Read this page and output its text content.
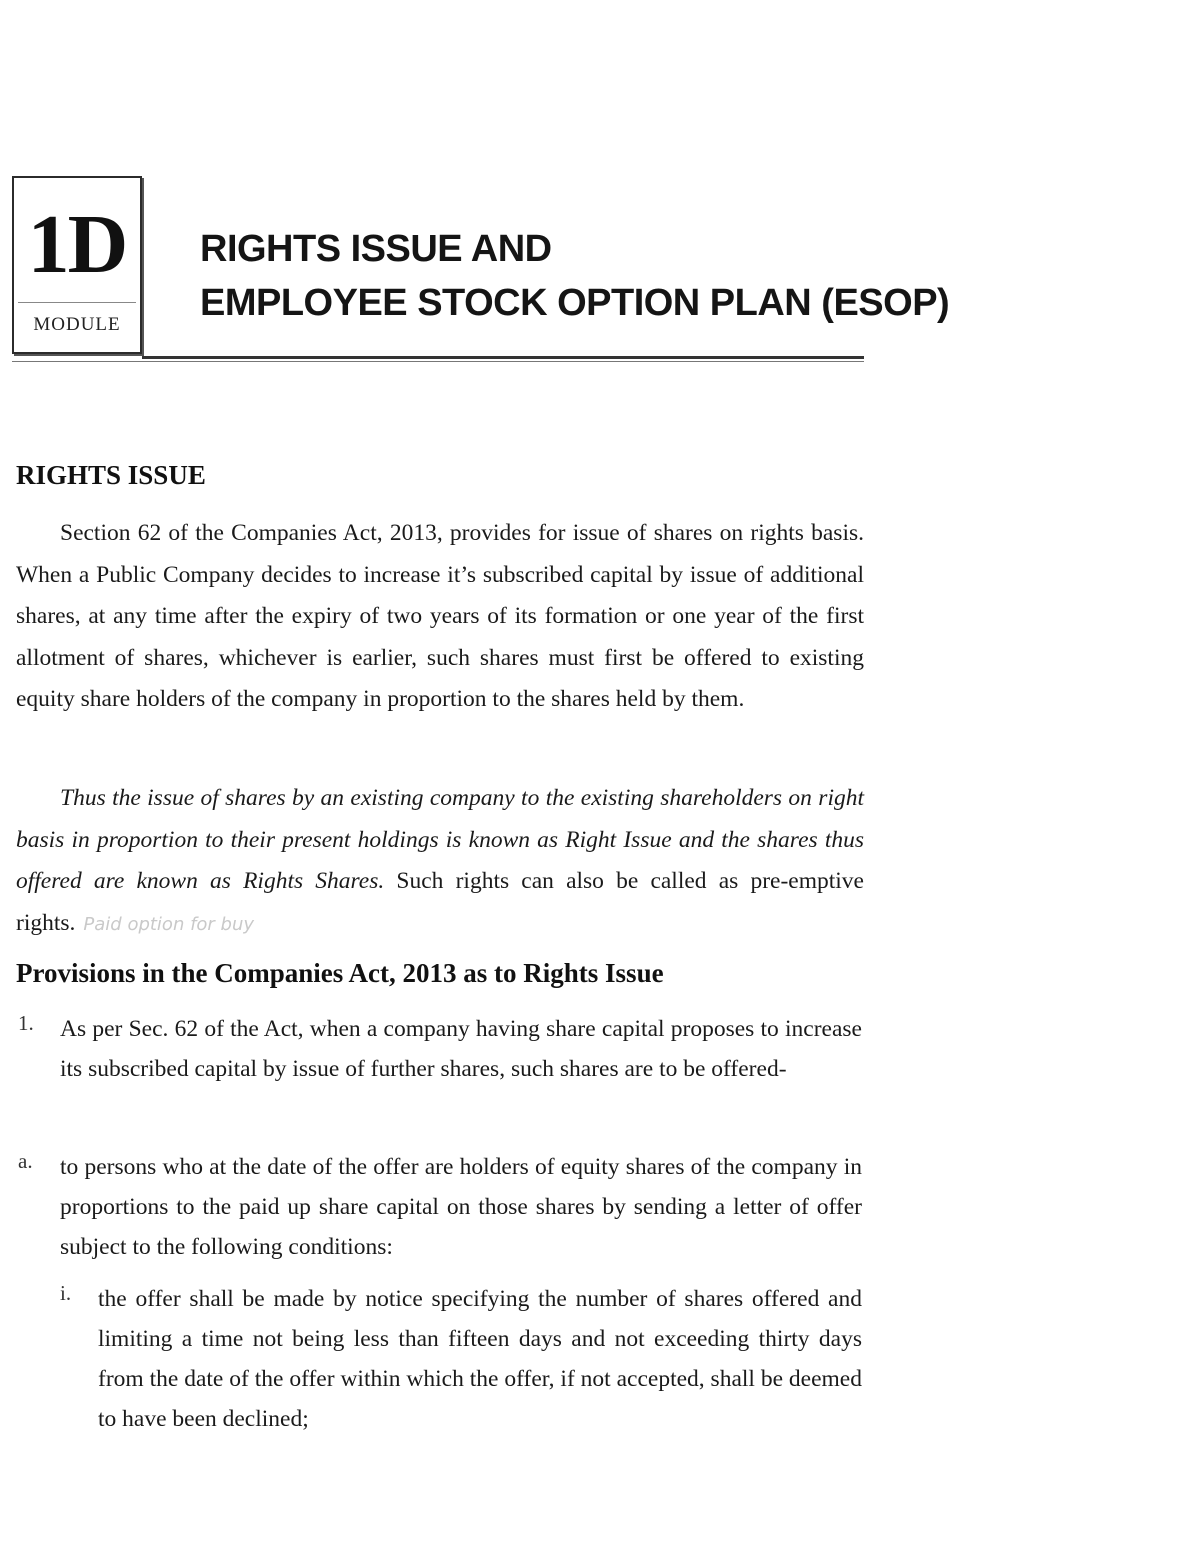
1D
MODULE
RIGHTS ISSUE AND
EMPLOYEE STOCK OPTION PLAN (ESOP)
RIGHTS ISSUE
Section 62 of the Companies Act, 2013, provides for issue of shares on rights basis. When a Public Company decides to increase it’s subscribed capital by issue of additional shares, at any time after the expiry of two years of its formation or one year of the first allotment of shares, whichever is earlier, such shares must first be offered to existing equity share holders of the company in proportion to the shares held by them.
Thus the issue of shares by an existing company to the existing shareholders on right basis in proportion to their present holdings is known as Right Issue and the shares thus offered are known as Rights Shares. Such rights can also be called as pre-emptive rights. Paid option for buy
Provisions in the Companies Act, 2013 as to Rights Issue
1. As per Sec. 62 of the Act, when a company having share capital proposes to increase its subscribed capital by issue of further shares, such shares are to be offered-
a. to persons who at the date of the offer are holders of equity shares of the company in proportions to the paid up share capital on those shares by sending a letter of offer subject to the following conditions:
i. the offer shall be made by notice specifying the number of shares offered and limiting a time not being less than fifteen days and not exceeding thirty days from the date of the offer within which the offer, if not accepted, shall be deemed to have been declined;
